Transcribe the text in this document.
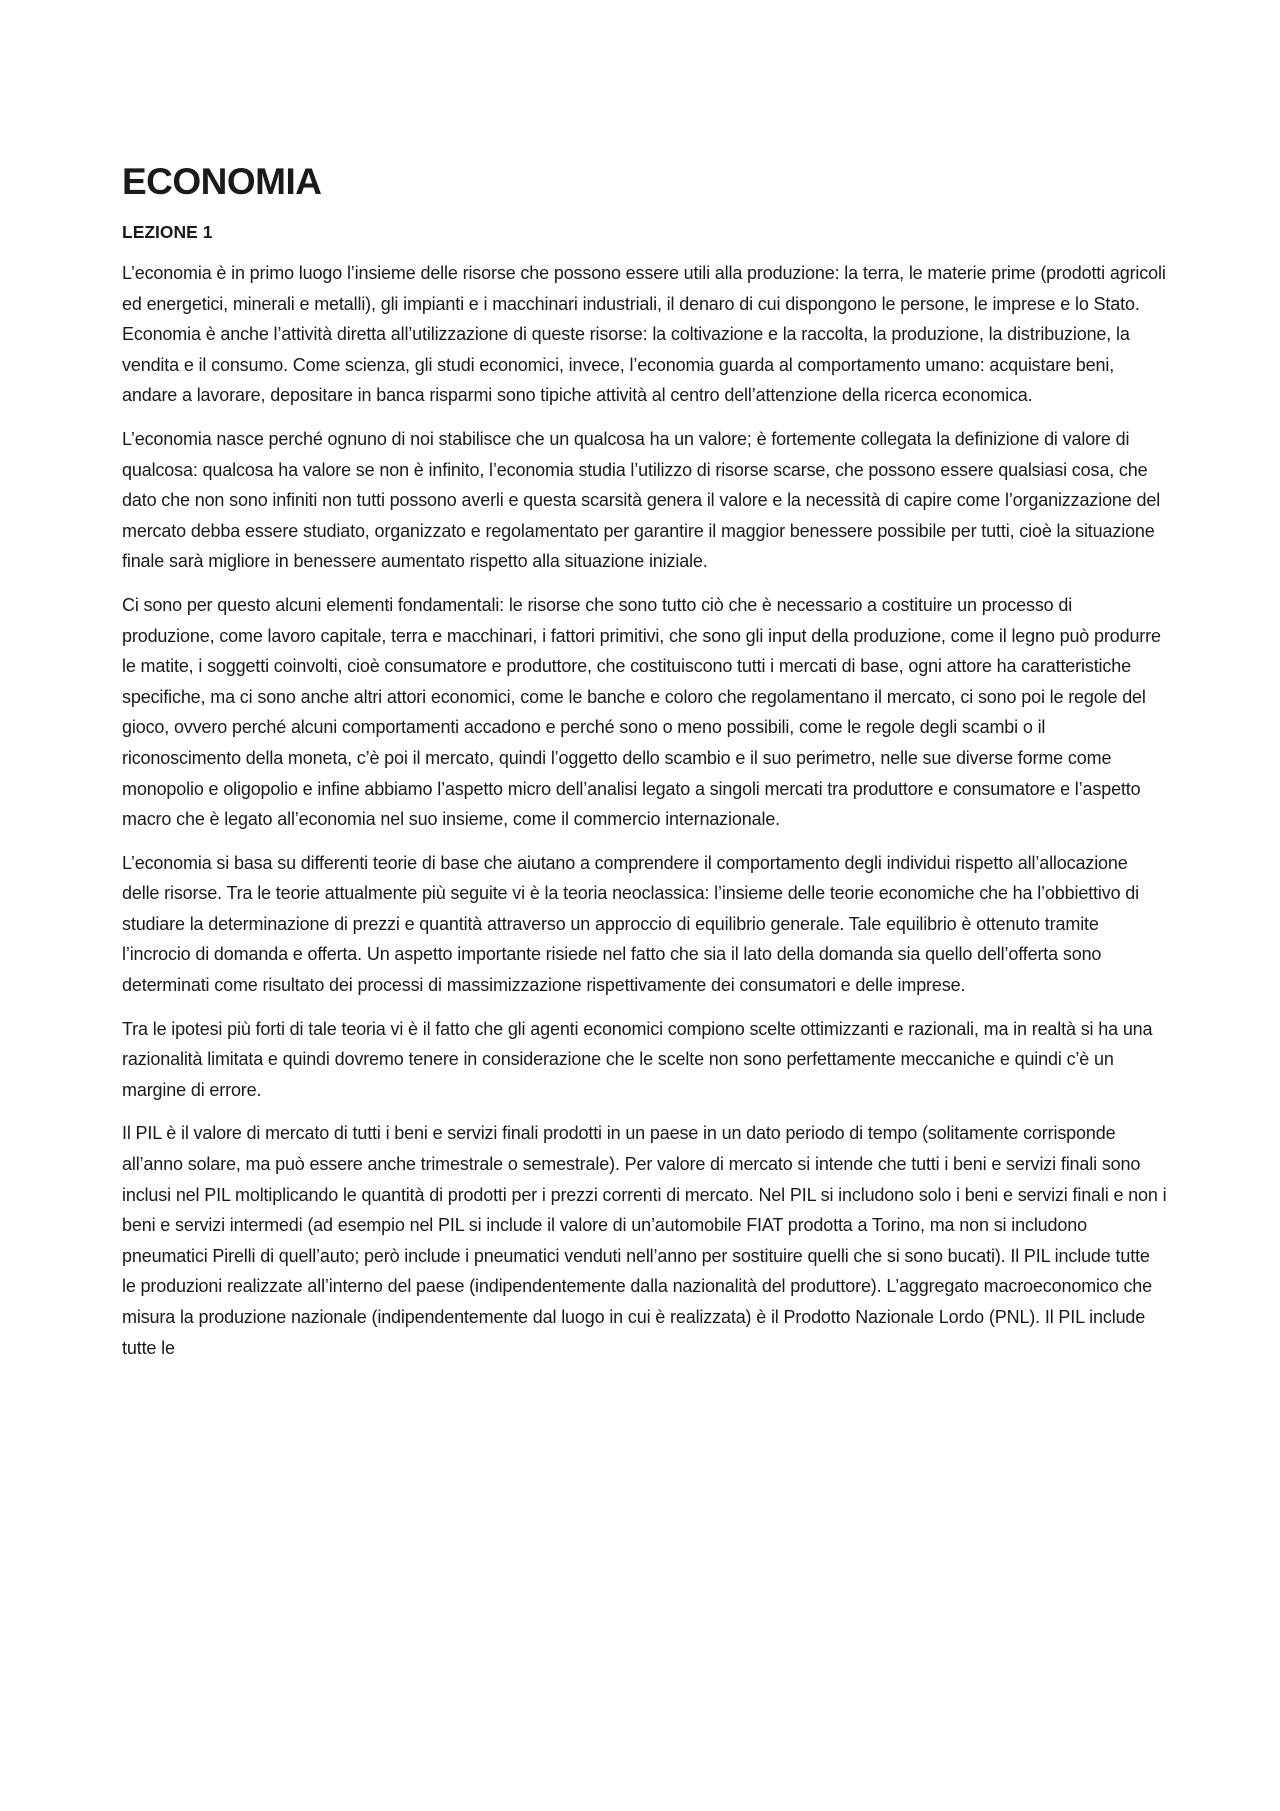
ECONOMIA
LEZIONE 1

L’economia è in primo luogo l’insieme delle risorse che possono essere utili alla produzione: la terra, le materie prime (prodotti agricoli ed energetici, minerali e metalli), gli impianti e i macchinari industriali, il denaro di cui dispongono le persone, le imprese e lo Stato. Economia è anche l’attività diretta all’utilizzazione di queste risorse: la coltivazione e la raccolta, la produzione, la distribuzione, la vendita e il consumo. Come scienza, gli studi economici, invece, l’economia guarda al comportamento umano: acquistare beni, andare a lavorare, depositare in banca risparmi sono tipiche attività al centro dell’attenzione della ricerca economica.

L’economia nasce perché ognuno di noi stabilisce che un qualcosa ha un valore; è fortemente collegata la definizione di valore di qualcosa: qualcosa ha valore se non è infinito, l’economia studia l’utilizzo di risorse scarse, che possono essere qualsiasi cosa, che dato che non sono infiniti non tutti possono averli e questa scarsità genera il valore e la necessità di capire come l’organizzazione del mercato debba essere studiato, organizzato e regolamentato per garantire il maggior benessere possibile per tutti, cioè la situazione finale sarà migliore in benessere aumentato rispetto alla situazione iniziale.

Ci sono per questo alcuni elementi fondamentali: le risorse che sono tutto ciò che è necessario a costituire un processo di produzione, come lavoro capitale, terra e macchinari, i fattori primitivi, che sono gli input della produzione, come il legno può produrre le matite, i soggetti coinvolti, cioè consumatore e produttore, che costituiscono tutti i mercati di base, ogni attore ha caratteristiche specifiche, ma ci sono anche altri attori economici, come le banche e coloro che regolamentano il mercato, ci sono poi le regole del gioco, ovvero perché alcuni comportamenti accadono e perché sono o meno possibili, come le regole degli scambi o il riconoscimento della moneta, c’è poi il mercato, quindi l’oggetto dello scambio e il suo perimetro, nelle sue diverse forme come monopolio e oligopolio e infine abbiamo l’aspetto micro dell’analisi legato a singoli mercati tra produttore e consumatore e l’aspetto macro che è legato all’economia nel suo insieme, come il commercio internazionale.

L’economia si basa su differenti teorie di base che aiutano a comprendere il comportamento degli individui rispetto all’allocazione delle risorse. Tra le teorie attualmente più seguite vi è la teoria neoclassica: l’insieme delle teorie economiche che ha l’obbiettivo di studiare la determinazione di prezzi e quantità attraverso un approccio di equilibrio generale. Tale equilibrio è ottenuto tramite l’incrocio di domanda e offerta. Un aspetto importante risiede nel fatto che sia il lato della domanda sia quello dell’offerta sono determinati come risultato dei processi di massimizzazione rispettivamente dei consumatori e delle imprese.

Tra le ipotesi più forti di tale teoria vi è il fatto che gli agenti economici compiono scelte ottimizzanti e razionali, ma in realtà si ha una razionalità limitata e quindi dovremo tenere in considerazione che le scelte non sono perfettamente meccaniche e quindi c’è un margine di errore.

Il PIL è il valore di mercato di tutti i beni e servizi finali prodotti in un paese in un dato periodo di tempo (solitamente corrisponde all’anno solare, ma può essere anche trimestrale o semestrale). Per valore di mercato si intende che tutti i beni e servizi finali sono inclusi nel PIL moltiplicando le quantità di prodotti per i prezzi correnti di mercato. Nel PIL si includono solo i beni e servizi finali e non i beni e servizi intermedi (ad esempio nel PIL si include il valore di un’automobile FIAT prodotta a Torino, ma non si includono pneumatici Pirelli di quell’auto; però include i pneumatici venduti nell’anno per sostituire quelli che si sono bucati). Il PIL include tutte le produzioni realizzate all’interno del paese (indipendentemente dalla nazionalità del produttore). L’aggregato macroeconomico che misura la produzione nazionale (indipendentemente dal luogo in cui è realizzata) è il Prodotto Nazionale Lordo (PNL). Il PIL include tutte le
